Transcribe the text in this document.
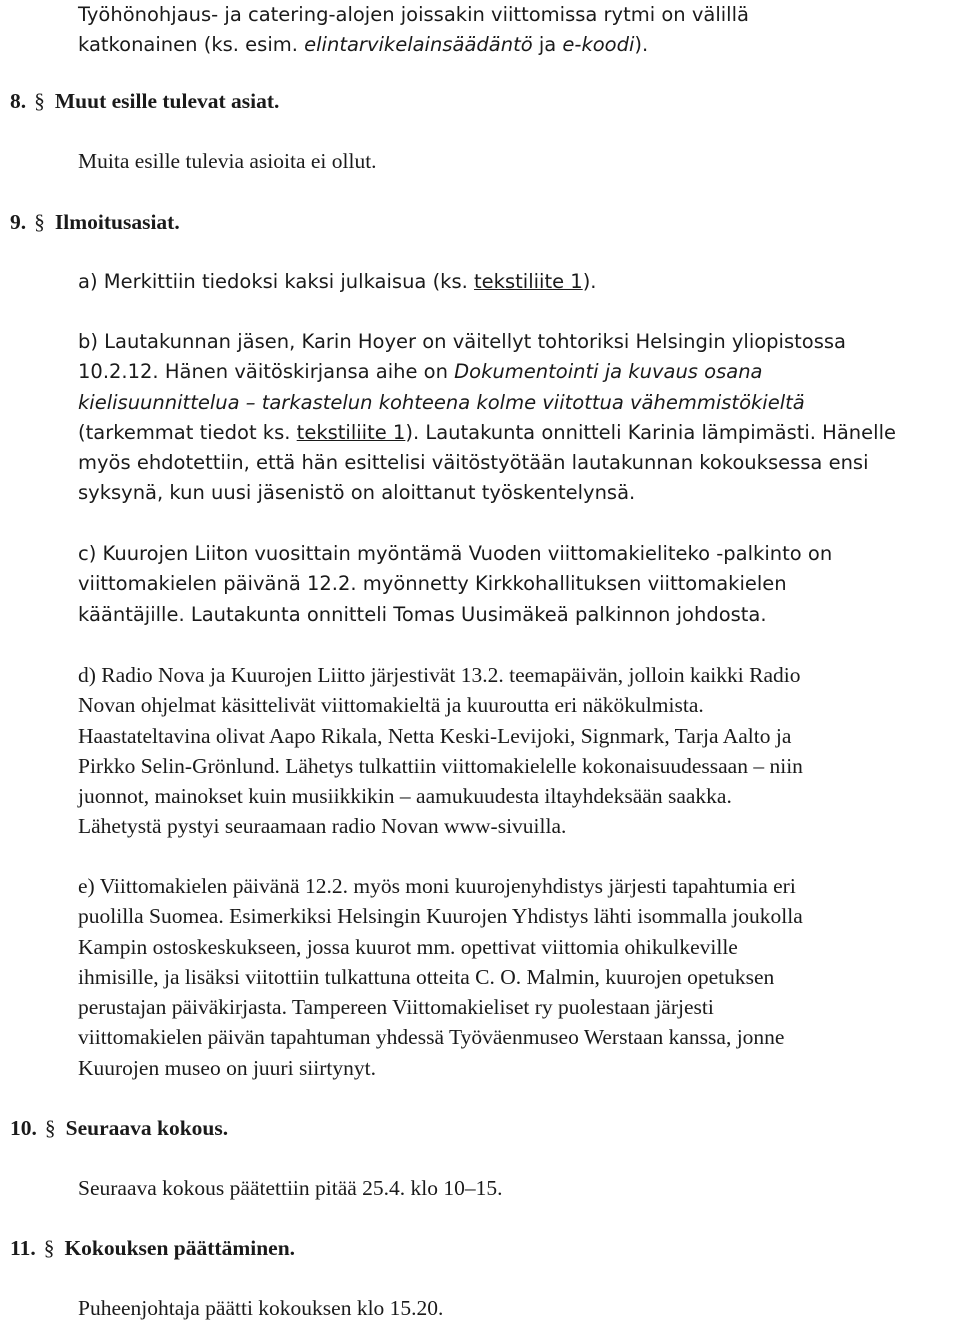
Työhönohjaus- ja catering-alojen joissakin viittomissa rytmi on välillä

katkonainen (ks. esim. elintarvikelainsäädäntö ja e-koodi).

8. § Muut esille tulevat asiat.

Muita esille tulevia asioita ei ollut.

9. § Ilmoitusasiat.

a) Merkittiin tiedoksi kaksi julkaisua (ks. tekstiliite 1).

b) Lautakunnan jäsen, Karin Hoyer on väitellyt tohtoriksi Helsingin yliopistossa
10.2.12. Hänen väitöskirjansa aihe on Dokumentointi ja kuvaus osana
kielisuunnittelua – tarkastelun kohteena kolme viitottua vähemmistökieltä
(tarkemmat tiedot ks. tekstiliite 1). Lautakunta onnitteli Karinia lämpimästi. Hänelle
myös ehdotettiin, että hän esittelisi väitöstyötään lautakunnan kokouksessa ensi
syksynä, kun uusi jäsenistö on aloittanut työskentelynsä.
c) Kuurojen Liiton vuosittain myöntämä Vuoden viittomakieliteko -palkinto on
viittomakielen päivänä 12.2. myönnetty Kirkkohallituksen viittomakielen
kääntäjille. Lautakunta onnitteli Tomas Uusimäkeä palkinnon johdosta.
d) Radio Nova ja Kuurojen Liitto järjestivät 13.2. teemapäivän, jolloin kaikki Radio
Novan ohjelmat käsittelivät viittomakieltä ja kuuroutta eri näkökulmista.
Haastateltavina olivat Aapo Rikala, Netta Keski-Levijoki, Signmark, Tarja Aalto ja
Pirkko Selin-Grönlund. Lähetys tulkattiin viittomakielelle kokonaisuudessaan – niin
juonnot, mainokset kuin musiikkikin – aamukuudesta iltayhdeksään saakka.
Lähetystä pystyi seuraamaan radio Novan www-sivuilla.
e) Viittomakielen päivänä 12.2. myös moni kuurojenyhdistys järjesti tapahtumia eri
puolilla Suomea. Esimerkiksi Helsingin Kuurojen Yhdistys lähti isommalla joukolla
Kampin ostoskeskukseen, jossa kuurot mm. opettivat viittomia ohikulkeville
ihmisille, ja lisäksi viitottiin tulkattuna otteita C. O. Malmin, kuurojen opetuksen
perustajan päiväkirjasta. Tampereen Viittomakieliset ry puolestaan järjesti
viittomakielen päivän tapahtuman yhdessä Työväenmuseo Werstaan kanssa, jonne
Kuurojen museo on juuri siirtynyt.

10. § Seuraava kokous.

Seuraava kokous päätettiin pitää 25.4. klo 10–15.

11. § Kokouksen päättäminen.

Puheenjohtaja päätti kokouksen klo 15.20.
